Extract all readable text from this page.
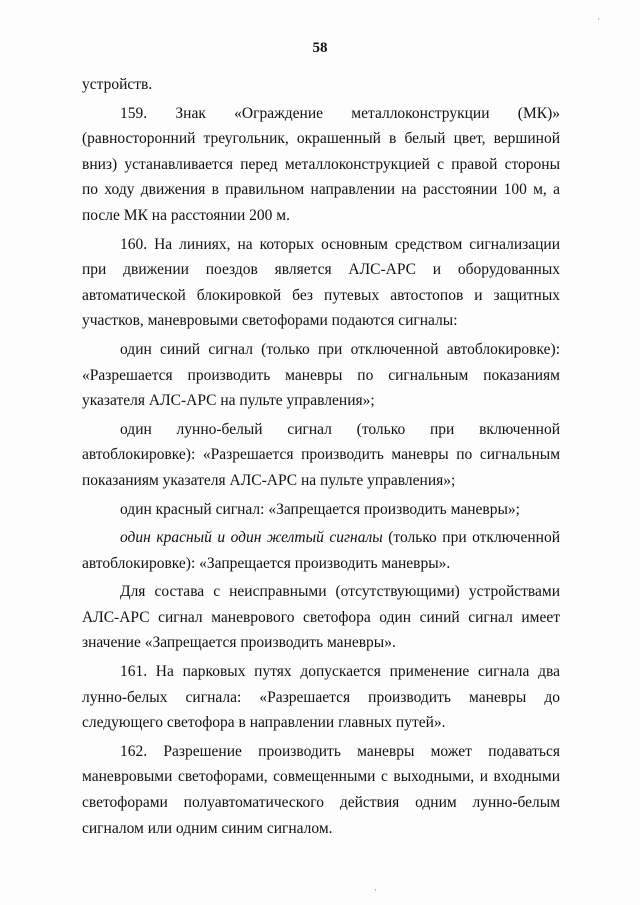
58

устройств.

159. Знак «Ограждение металлоконструкции (МК)» (равносторонний треугольник, окрашенный в белый цвет, вершиной вниз) устанавливается перед металлоконструкцией с правой стороны по ходу движения в правильном направлении на расстоянии 100 м, а после МК на расстоянии 200 м.

160. На линиях, на которых основным средством сигнализации при движении поездов является АЛС-АРС и оборудованных автоматической блокировкой без путевых автостопов и защитных участков, маневровыми светофорами подаются сигналы:

один синий сигнал (только при отключенной автоблокировке): «Разрешается производить маневры по сигнальным показаниям указателя АЛС-АРС на пульте управления»;

один лунно-белый сигнал (только при включенной автоблокировке): «Разрешается производить маневры по сигнальным показаниям указателя АЛС-АРС на пульте управления»;

один красный сигнал: «Запрещается производить маневры»;

один красный и один желтый сигналы (только при отключенной автоблокировке): «Запрещается производить маневры».

Для состава с неисправными (отсутствующими) устройствами АЛС-АРС сигнал маневрового светофора один синий сигнал имеет значение «Запрещается производить маневры».

161. На парковых путях допускается применение сигнала два лунно-белых сигнала: «Разрешается производить маневры до следующего светофора в направлении главных путей».

162. Разрешение производить маневры может подаваться маневровыми светофорами, совмещенными с выходными, и входными светофорами полуавтоматического действия одним лунно-белым сигналом или одним синим сигналом.

·
·
